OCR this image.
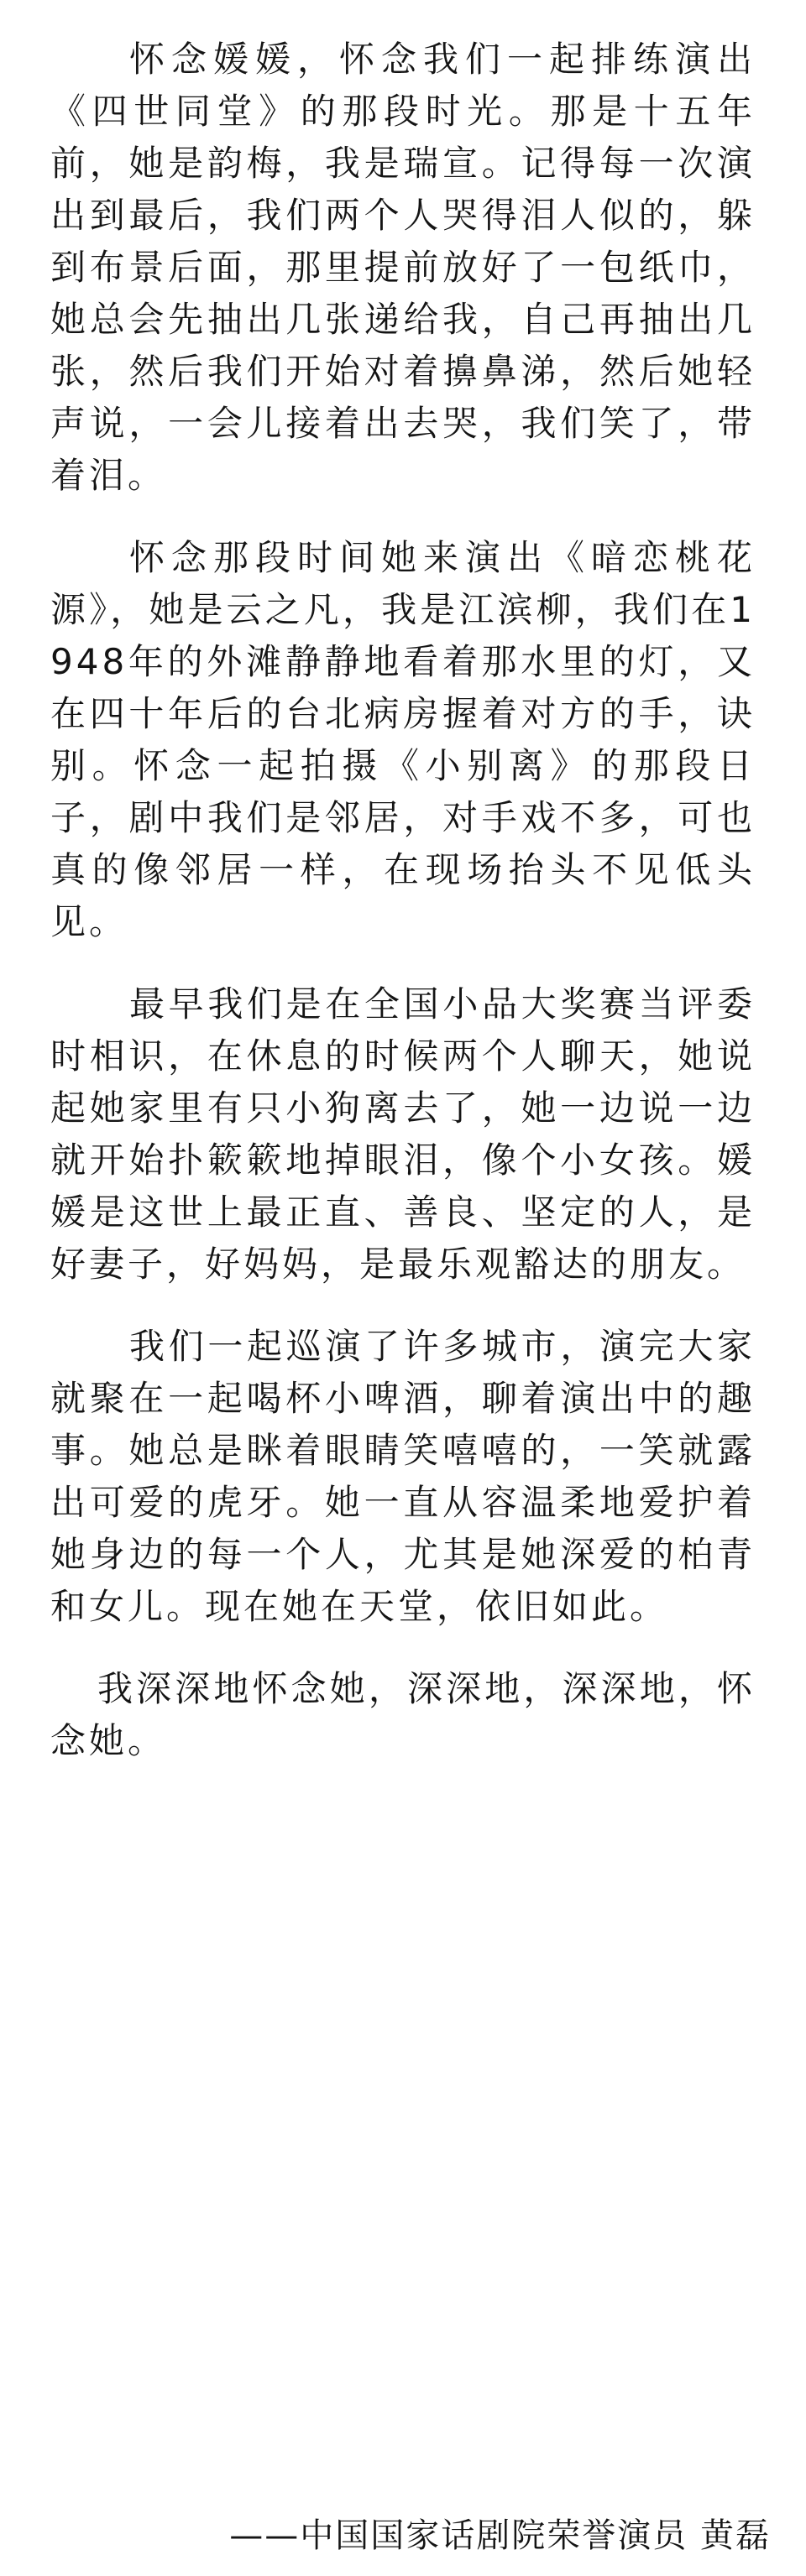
怀念媛媛，怀念我们一起排练演出《四世同堂》的那段时光。那是十五年前，她是韵梅，我是瑞宣。记得每一次演出到最后，我们两个人哭得泪人似的，躲到布景后面，那里提前放好了一包纸巾，她总会先抽出几张递给我，自己再抽出几张，然后我们开始对着擤鼻涕，然后她轻声说，一会儿接着出去哭，我们笑了，带着泪。

怀念那段时间她来演出《暗恋桃花源》，她是云之凡，我是江滨柳，我们在1948年的外滩静静地看着那水里的灯，又在四十年后的台北病房握着对方的手，诀别。怀念一起拍摄《小别离》的那段日子，剧中我们是邻居，对手戏不多，可也真的像邻居一样，在现场抬头不见低头见。

最早我们是在全国小品大奖赛当评委时相识，在休息的时候两个人聊天，她说起她家里有只小狗离去了，她一边说一边就开始扑簌簌地掉眼泪，像个小女孩。媛媛是这世上最正直、善良、坚定的人，是好妻子，好妈妈，是最乐观豁达的朋友。

我们一起巡演了许多城市，演完大家就聚在一起喝杯小啤酒，聊着演出中的趣事。她总是眯着眼睛笑嘻嘻的，一笑就露出可爱的虎牙。她一直从容温柔地爱护着她身边的每一个人，尤其是她深爱的柏青和女儿。现在她在天堂，依旧如此。

我深深地怀念她，深深地，深深地，怀念她。

——中国国家话剧院荣誉演员 黄磊
